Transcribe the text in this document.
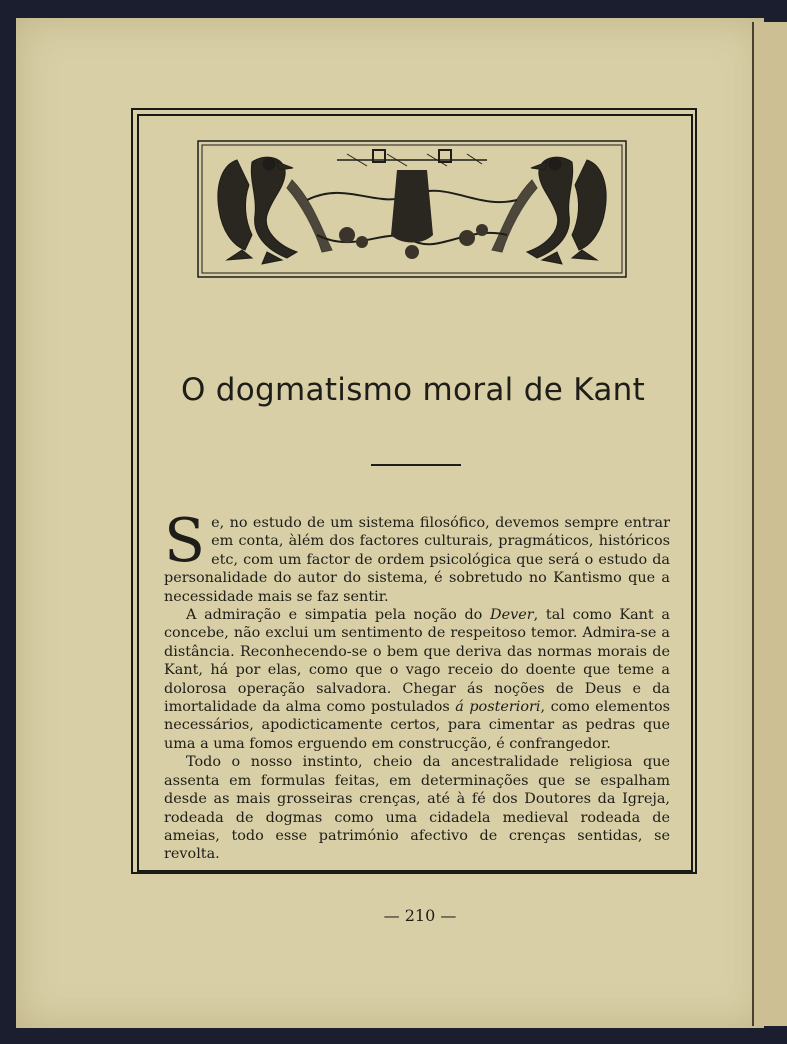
O dogmatismo moral de Kant

Se, no estudo de um sistema filosófico, devemos sempre entrar em conta, àlém dos factores culturais, pragmáticos, históricos etc, com um factor de ordem psicológica que será o estudo da personalidade do autor do sistema, é sobretudo no Kantismo que a necessidade mais se faz sentir.

A admiração e simpatia pela noção do Dever, tal como Kant a concebe, não exclui um sentimento de respeitoso temor. Admira-se a distância. Reconhecendo-se o bem que deriva das normas morais de Kant, há por elas, como que o vago receio do doente que teme a dolorosa operação salvadora. Chegar ás noções de Deus e da imortalidade da alma como postulados á posteriori, como elementos necessários, apodicticamente certos, para cimentar as pedras que uma a uma fomos erguendo em construcção, é confrangedor.

Todo o nosso instinto, cheio da ancestralidade religiosa que assenta em formulas feitas, em determinações que se espalham desde as mais grosseiras crenças, até à fé dos Doutores da Igreja, rodeada de dogmas como uma cidadela medieval rodeada de ameias, todo esse património afectivo de crenças sentidas, se revolta.

— 210 —
